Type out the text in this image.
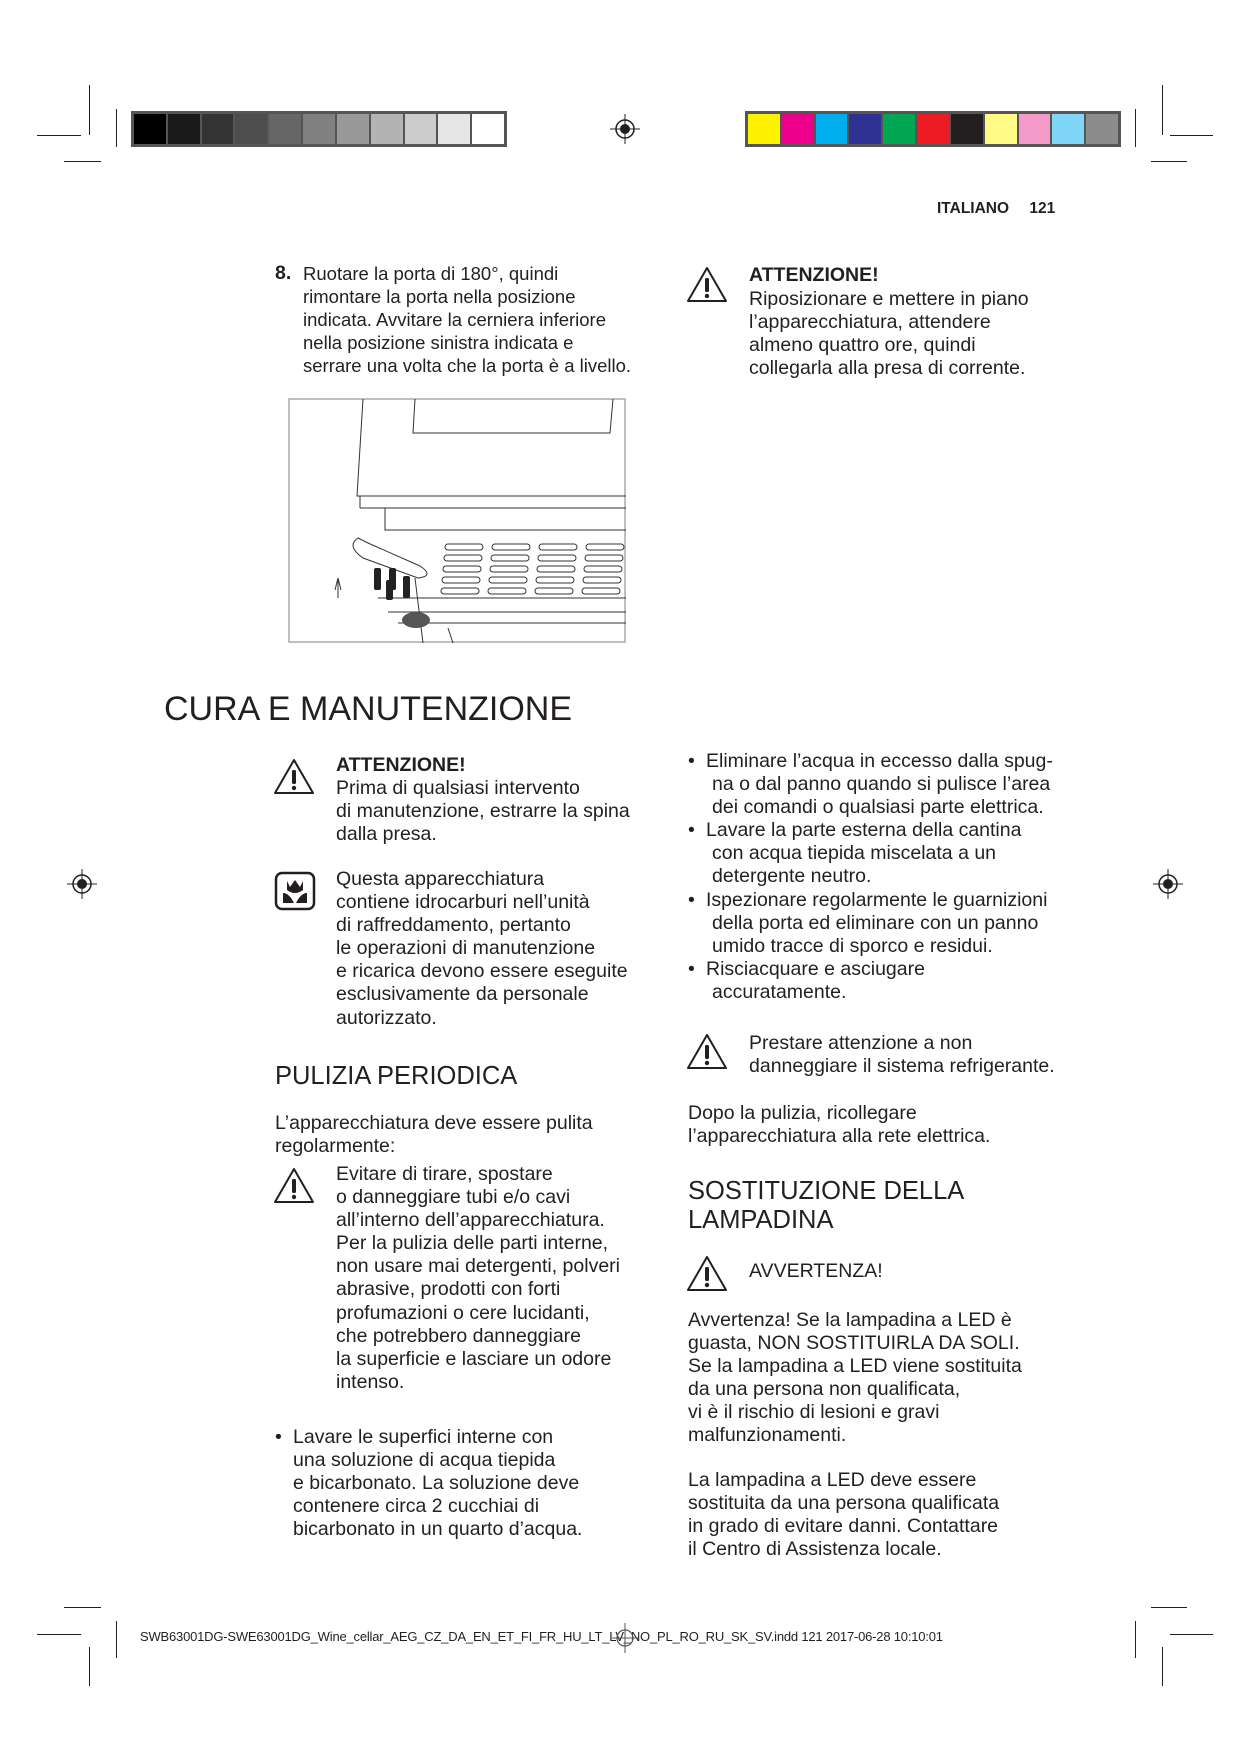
ITALIANO 121
8. Ruotare la porta di 180°, quindi
rimontare la porta nella posizione
indicata. Avvitare la cerniera inferiore
nella posizione sinistra indicata e
serrare una volta che la porta è a livello.
ATTENZIONE!
Riposizionare e mettere in piano
l’apparecchiatura, attendere
almeno quattro ore, quindi
collegarla alla presa di corrente.
CURA E MANUTENZIONE
ATTENZIONE!
Prima di qualsiasi intervento
di manutenzione, estrarre la spina
dalla presa.
Questa apparecchiatura
contiene idrocarburi nell’unità
di raffreddamento, pertanto
le operazioni di manutenzione
e ricarica devono essere eseguite
esclusivamente da personale
autorizzato.
PULIZIA PERIODICA
L’apparecchiatura deve essere pulita
regolarmente:
Evitare di tirare, spostare
o danneggiare tubi e/o cavi
all’interno dell’apparecchiatura.
Per la pulizia delle parti interne,
non usare mai detergenti, polveri
abrasive, prodotti con forti
profumazioni o cere lucidanti,
che potrebbero danneggiare
la superficie e lasciare un odore
intenso.
• Lavare le superfici interne con
una soluzione di acqua tiepida
e bicarbonato. La soluzione deve
contenere circa 2 cucchiai di
bicarbonato in un quarto d’acqua.
•Eliminare l’acqua in eccesso dalla spug-
na o dal panno quando si pulisce l’area
dei comandi o qualsiasi parte elettrica.
•Lavare la parte esterna della cantina
con acqua tiepida miscelata a un
detergente neutro.
•Ispezionare regolarmente le guarnizioni
della porta ed eliminare con un panno
umido tracce di sporco e residui.
•Risciacquare e asciugare
accuratamente.
Prestare attenzione a non
danneggiare il sistema refrigerante.
Dopo la pulizia, ricollegare
l’apparecchiatura alla rete elettrica.
SOSTITUZIONE DELLA
LAMPADINA
AVVERTENZA!
Avvertenza! Se la lampadina a LED è
guasta, NON SOSTITUIRLA DA SOLI.
Se la lampadina a LED viene sostituita
da una persona non qualificata,
vi è il rischio di lesioni e gravi
malfunzionamenti.
La lampadina a LED deve essere
sostituita da una persona qualificata
in grado di evitare danni. Contattare
il Centro di Assistenza locale.
SWB63001DG-SWE63001DG_Wine_cellar_AEG_CZ_DA_EN_ET_FI_FR_HU_LT_LV_NO_PL_RO_RU_SK_SV.indd 121 2017-06-28 10:10:01
